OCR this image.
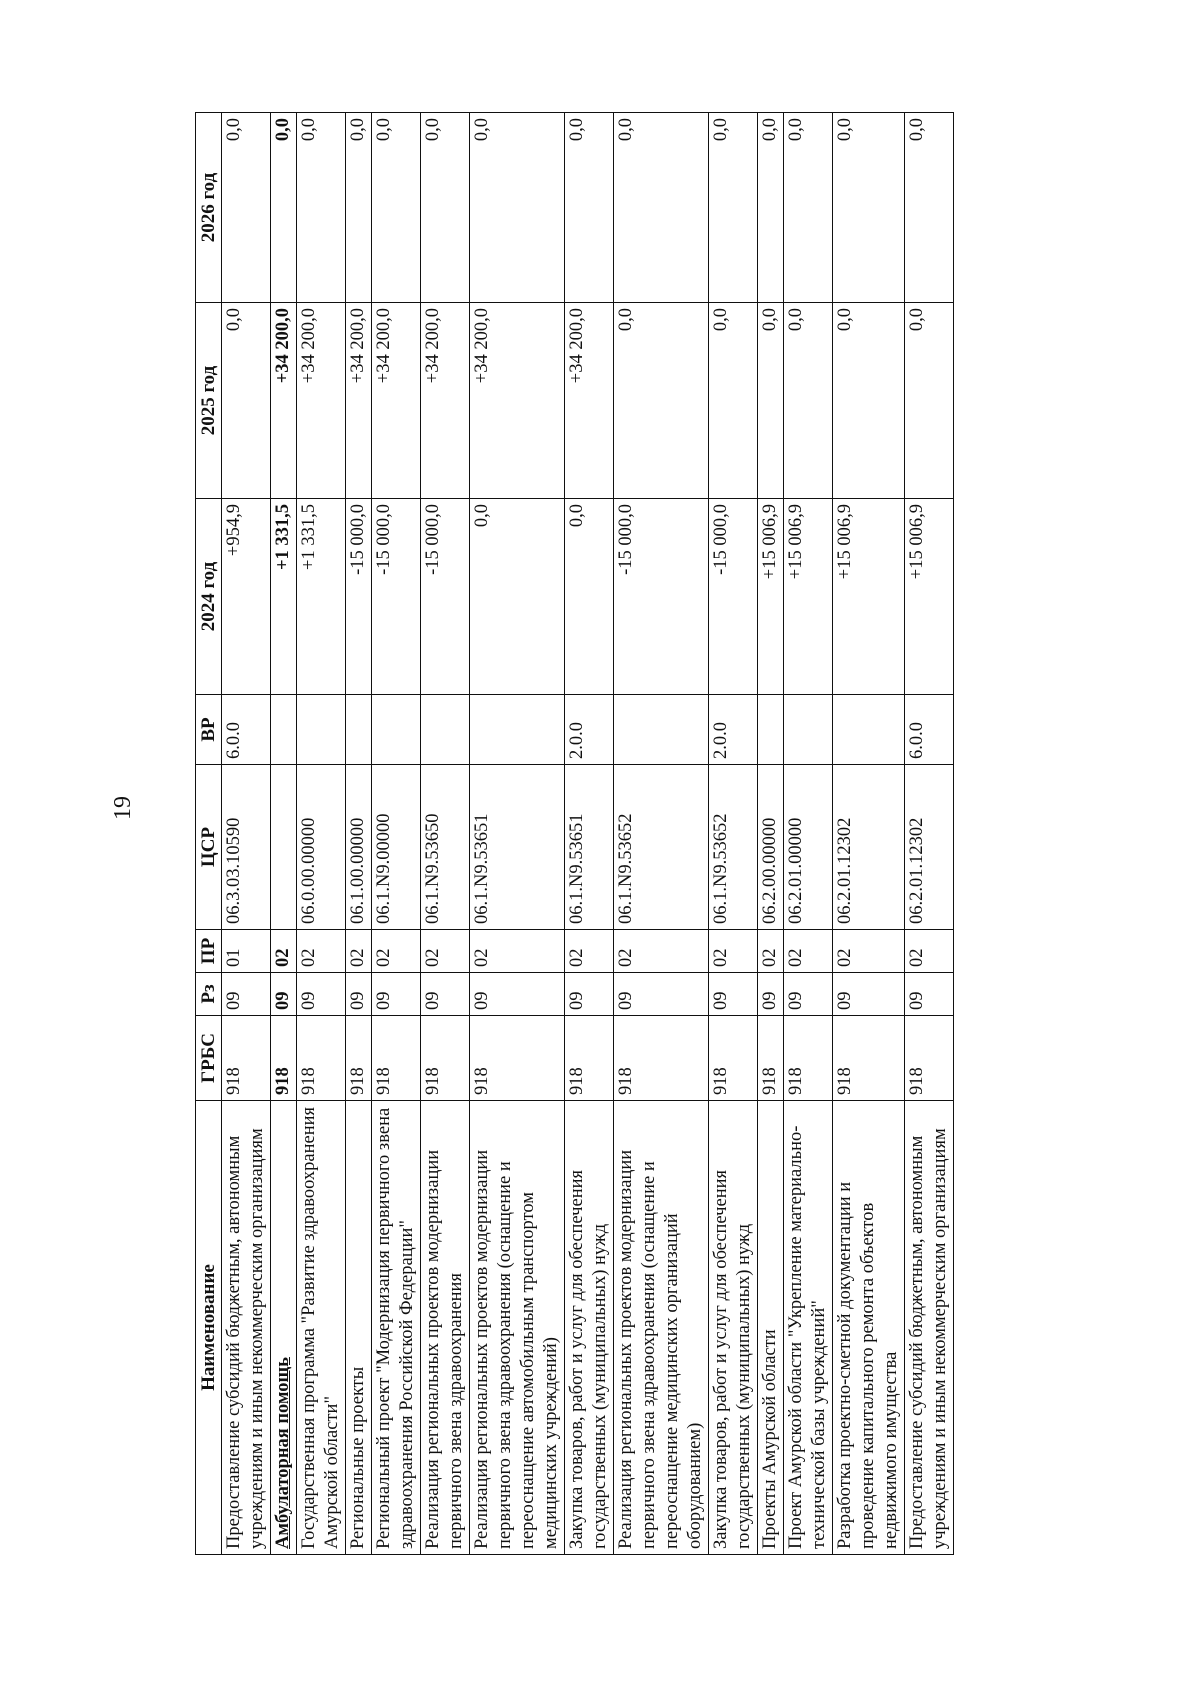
19
Наименование	ГРБС	Рз	ПР	ЦСР	ВР	2024 год	2025 год	2026 год
Предоставление субсидий бюджетным, автономным учреждениям и иным некоммерческим организациям	918	09	01	06.3.03.10590	6.0.0	+954,9	0,0	0,0
Амбулаторная помощь	918	09	02			+1 331,5	+34 200,0	0,0
Государственная программа "Развитие здравоохранения Амурской области"	918	09	02	06.0.00.00000		+1 331,5	+34 200,0	0,0
Региональные проекты	918	09	02	06.1.00.00000		-15 000,0	+34 200,0	0,0
Региональный проект "Модернизация первичного звена здравоохранения Российской Федерации"	918	09	02	06.1.N9.00000		-15 000,0	+34 200,0	0,0
Реализация региональных проектов модернизации первичного звена здравоохранения	918	09	02	06.1.N9.53650		-15 000,0	+34 200,0	0,0
Реализация региональных проектов модернизации первичного звена здравоохранения (оснащение и переоснащение автомобильным транспортом медицинских учреждений)	918	09	02	06.1.N9.53651		0,0	+34 200,0	0,0
Закупка товаров, работ и услуг для обеспечения государственных (муниципальных) нужд	918	09	02	06.1.N9.53651	2.0.0	0,0	+34 200,0	0,0
Реализация региональных проектов модернизации первичного звена здравоохранения (оснащение и переоснащение медицинских организаций оборудованием)	918	09	02	06.1.N9.53652		-15 000,0	0,0	0,0
Закупка товаров, работ и услуг для обеспечения государственных (муниципальных) нужд	918	09	02	06.1.N9.53652	2.0.0	-15 000,0	0,0	0,0
Проекты Амурской области	918	09	02	06.2.00.00000		+15 006,9	0,0	0,0
Проект Амурской области "Укрепление материально-технической базы учреждений"	918	09	02	06.2.01.00000		+15 006,9	0,0	0,0
Разработка проектно-сметной документации и проведение капитального ремонта объектов недвижимого имущества	918	09	02	06.2.01.12302		+15 006,9	0,0	0,0
Предоставление субсидий бюджетным, автономным учреждениям и иным некоммерческим организациям	918	09	02	06.2.01.12302	6.0.0	+15 006,9	0,0	0,0
